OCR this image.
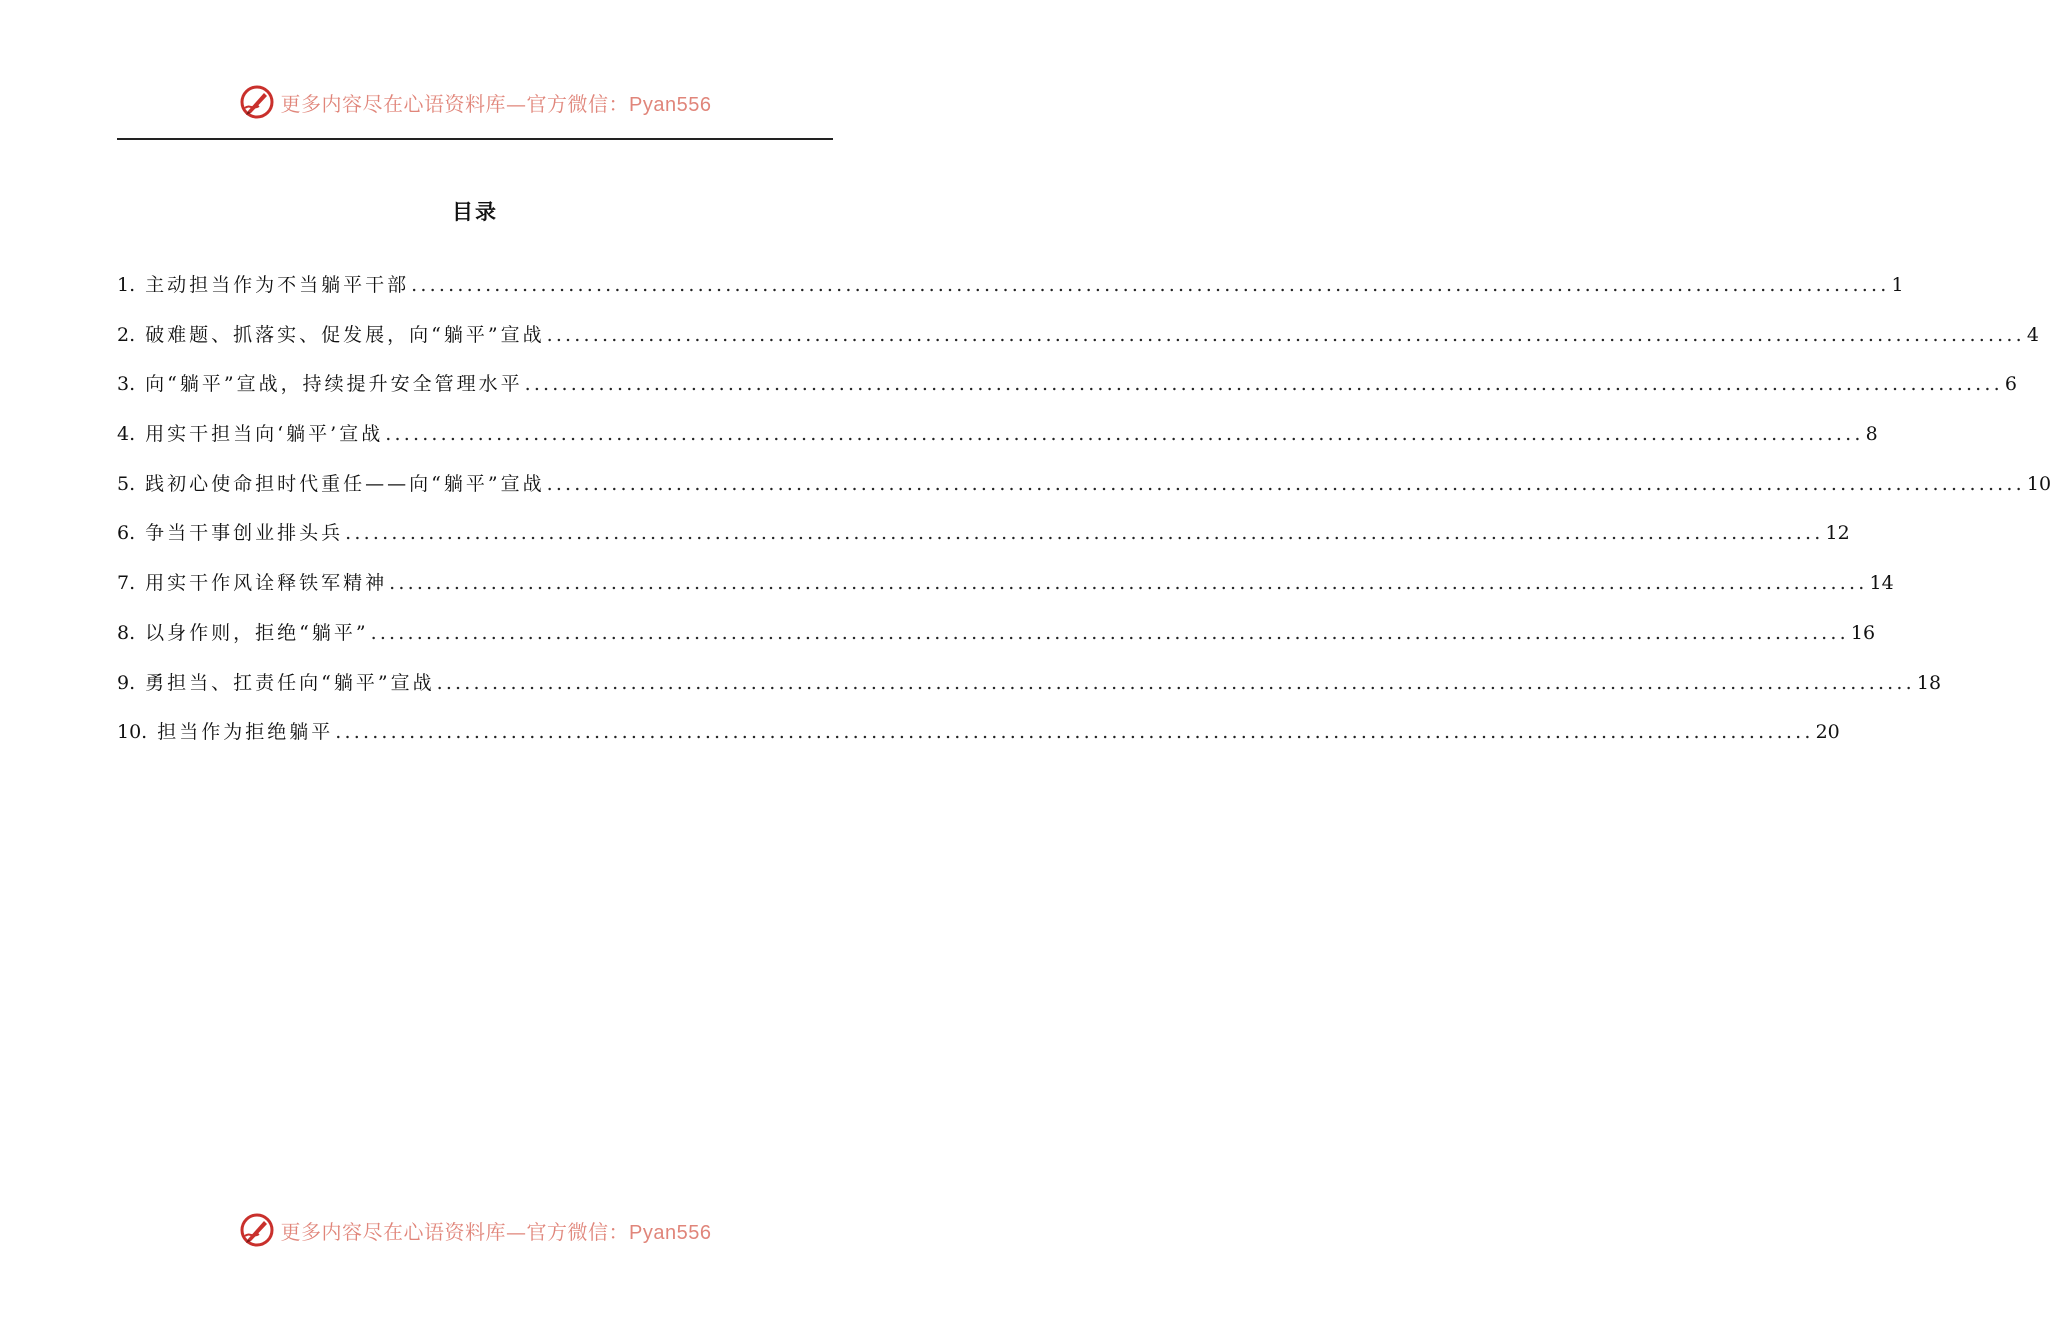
更多内容尽在心语资料库—官方微信：Pyan556
目录
1. 主动担当作为不当躺平干部 ................................................................................................................................................................ 1
2. 破难题、抓落实、促发展，向“躺平”宣战 ................................................................................................................................................................ 4
3. 向“躺平”宣战，持续提升安全管理水平 ................................................................................................................................................................ 6
4. 用实干担当向‘躺平’宣战 ................................................................................................................................................................ 8
5. 践初心使命担时代重任——向“躺平”宣战 ................................................................................................................................................................ 10
6. 争当干事创业排头兵 ................................................................................................................................................................ 12
7. 用实干作风诠释铁军精神 ................................................................................................................................................................ 14
8. 以身作则，拒绝“躺平” ................................................................................................................................................................ 16
9. 勇担当、扛责任向“躺平”宣战 ................................................................................................................................................................ 18
10. 担当作为拒绝躺平 ................................................................................................................................................................ 20
更多内容尽在心语资料库—官方微信：Pyan556
